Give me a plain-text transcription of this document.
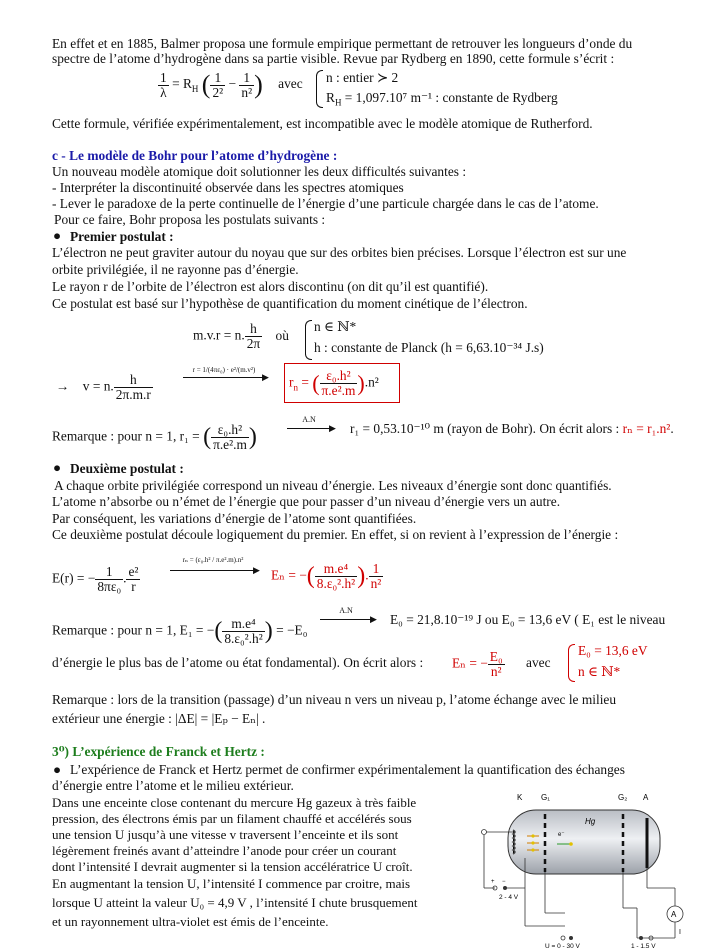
En effet et en 1885, Balmer proposa une formule empirique permettant de retrouver les longueurs d’onde du
spectre de l’atome d’hydrogène dans sa partie visible. Revue par Rydberg en 1890, cette formule s’écrit :
$\frac{1}{\lambda} = R_H$ ( $\frac{1}{\text{2²}} - \frac{1}{\text{n²}}$ ) avec n : entier ≻ 2
$R_H = 1,097.10^7$ m⁻¹ : constante de Rydberg
Cette formule, vérifiée expérimentalement, est incompatible avec le modèle atomique de Rutherford.
c - Le modèle de Bohr pour l’atome d’hydrogène :
Un nouveau modèle atomique doit solutionner les deux difficultés suivantes :
- Interpréter la discontinuité observée dans les spectres atomiques
- Lever le paradoxe de la perte continuelle de l’énergie d’une particule chargée dans le cas de l’atome.
Pour ce faire, Bohr proposa les postulats suivants :
● Premier postulat :
L’électron ne peut graviter autour du noyau que sur des orbites bien précises. Lorsque l’électron est sur une
orbite privilégiée, il ne rayonne pas d’énergie.
Le rayon r de l’orbite de l’électron est alors discontinu (on dit qu’il est quantifié).
Ce postulat est basé sur l’hypothèse de quantification du moment cinétique de l’électron.
m.v.r = n. $\frac{h}{2\pi}$ où
n ∈ ℕ*
h : constante de Planck (h = 6,63.10⁻³⁴ J.s)
→ v = n. $\frac{h}{2\pi.m.r}$
r = 1/(4πε₀) · e²/(m.v²)
▶ $r_n$ = ( $\frac{\text{ε₀.h²}}{\text{π.e².m}} ).n^2$
Remarque : pour n = 1, r₁ = ( $\frac{\text{ε₀.h²}}{\text{π.e².m}}$ )
A.N
▶ r₁ = 0,53.10⁻¹⁰ m (rayon de Bohr). On écrit alors : rₙ = r₁.n².
● Deuxième postulat :
A chaque orbite privilégiée correspond un niveau d’énergie. Les niveaux d’énergie sont donc quantifiés.
L’atome n’absorbe ou n’émet de l’énergie que pour passer d’un niveau d’énergie vers un autre.
Par conséquent, les variations d’énergie de l’atome sont quantifiées.
Ce deuxième postulat découle logiquement du premier. En effet, si on revient à l’expression de l’énergie :
E(r) = − $\frac{1}{\text{8πε₀}}$ . $\frac{\text{e²}}{r}$
rₙ = (ε₀.h² / π.e².m).n²
▶ Eₙ = −( $\frac{\text{m.e⁴}}{\text{8.ε₀².h²}}$ ). $\frac{1}{\text{n²}}$
Remarque : pour n = 1, E₁ = −( $\frac{\text{m.e⁴}}{\text{8.ε₀².h²}}$ ) = −E₀
A.N
▶ E₀ = 21,8.10⁻¹⁹ J ou E₀ = 13,6 eV ( E₁ est le niveau
d’énergie le plus bas de l’atome ou état fondamental). On écrit alors : Eₙ = − $\frac{\text{E₀}}{\text{n²}}$ avec
E₀ = 13,6 eV
n ∈ ℕ*
Remarque : lors de la transition (passage) d’un niveau n vers un niveau p, l’atome échange avec le milieu
extérieur une énergie : |ΔE| = |Eₚ − Eₙ| .
3⁰) L’expérience de Franck et Hertz :
● L’expérience de Franck et Hertz permet de confirmer expérimentalement la quantification des échanges
d’énergie entre l’atome et le milieu extérieur.
Dans une enceinte close contenant du mercure Hg gazeux à très faible
pression, des électrons émis par un filament chauffé et accélérés sous
une tension U jusqu’à une vitesse v traversent l’enceinte et ils sont
légèrement freinés avant d’atteindre l’anode pour créer un courant
dont l’intensité I devrait augmenter si la tension accélératrice U croît.
En augmentant la tension U, l’intensité I commence par croitre, mais
lorsque U atteint la valeur U₀ = 4,9 V , l’intensité I chute brusquement
et un rayonnement ultra-violet est émis de l’enceinte.
K G₁	G₂ A
Hg
e⁻
A
I
+ −
2 - 4 V
U = 0 - 30 V	1 - 1.5 V
